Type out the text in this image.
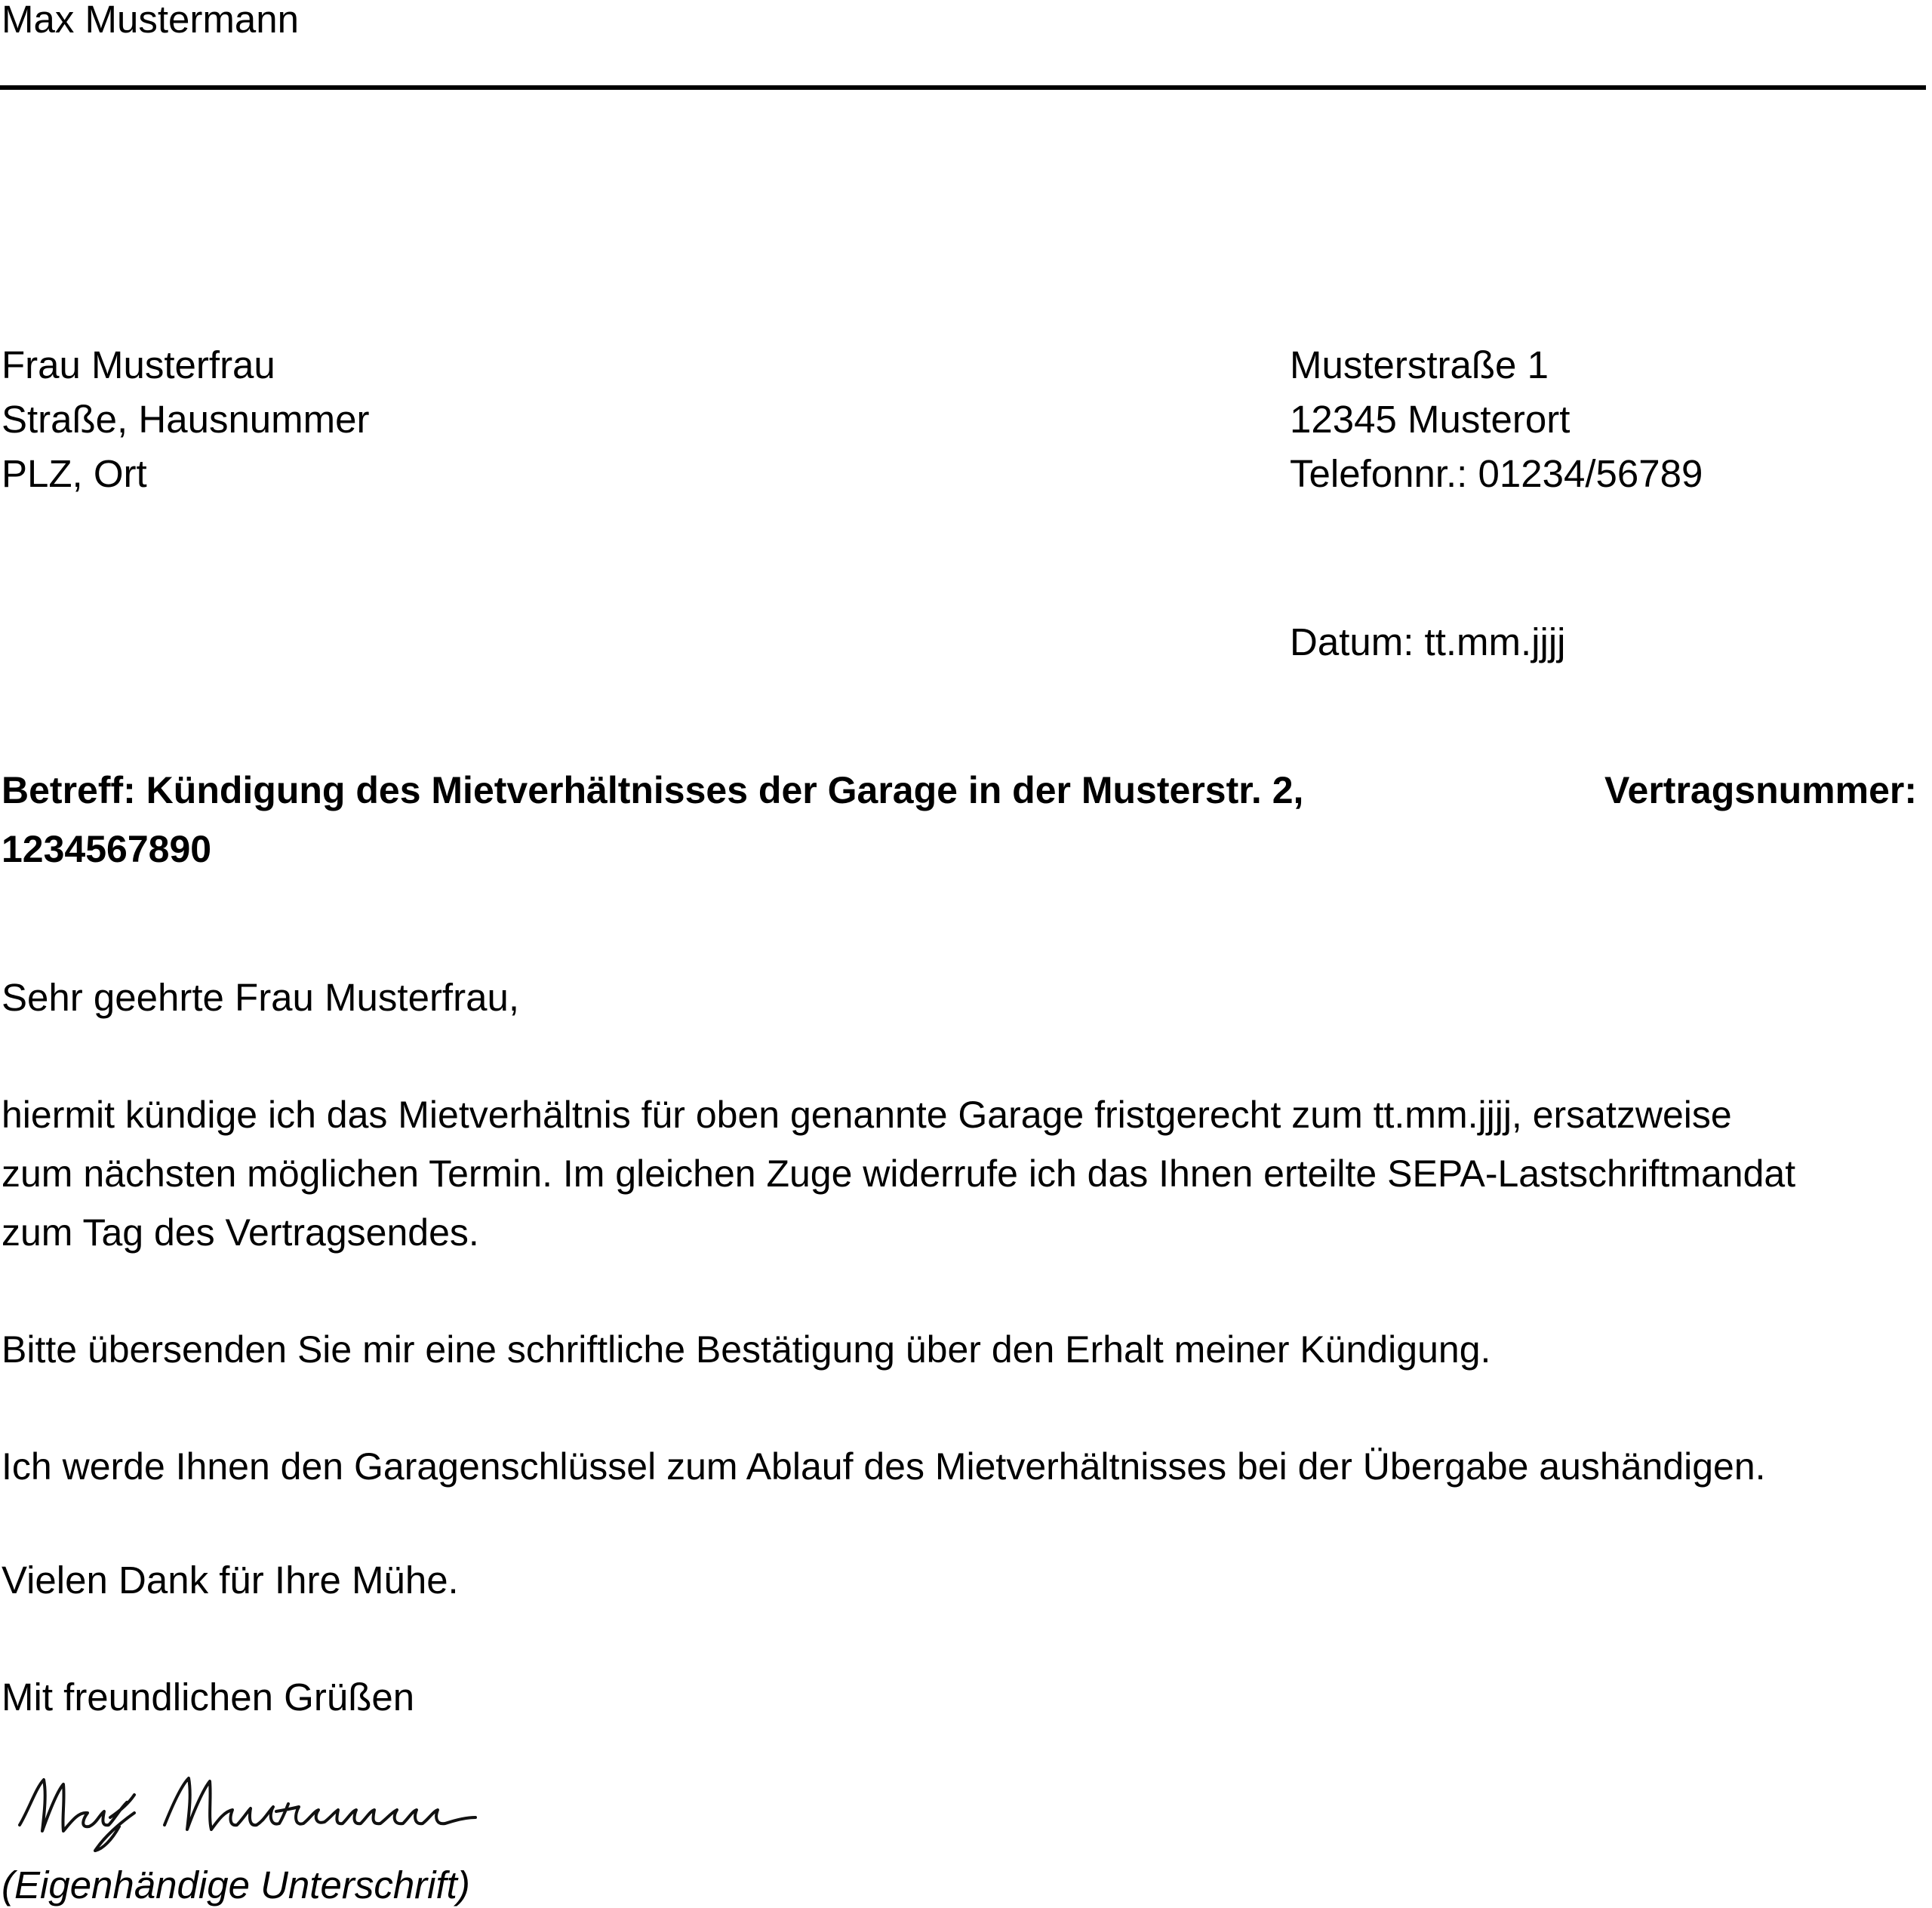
Max Mustermann
Frau Musterfrau
Straße, Hausnummer
PLZ, Ort
Musterstraße 1
12345 Musterort
Telefonnr.: 01234/56789
Datum: tt.mm.jjjj
Betreff: Kündigung des Mietverhältnisses der Garage in der Musterstr. 2,	Vertragsnummer:
1234567890
Sehr geehrte Frau Musterfrau,
hiermit kündige ich das Mietverhältnis für oben genannte Garage fristgerecht zum tt.mm.jjjj, ersatzweise
zum nächsten möglichen Termin. Im gleichen Zuge widerrufe ich das Ihnen erteilte SEPA-Lastschriftmandat
zum Tag des Vertragsendes.
Bitte übersenden Sie mir eine schriftliche Bestätigung über den Erhalt meiner Kündigung.
Ich werde Ihnen den Garagenschlüssel zum Ablauf des Mietverhältnisses bei der Übergabe aushändigen.
Vielen Dank für Ihre Mühe.
Mit freundlichen Grüßen
(Eigenhändige Unterschrift)
